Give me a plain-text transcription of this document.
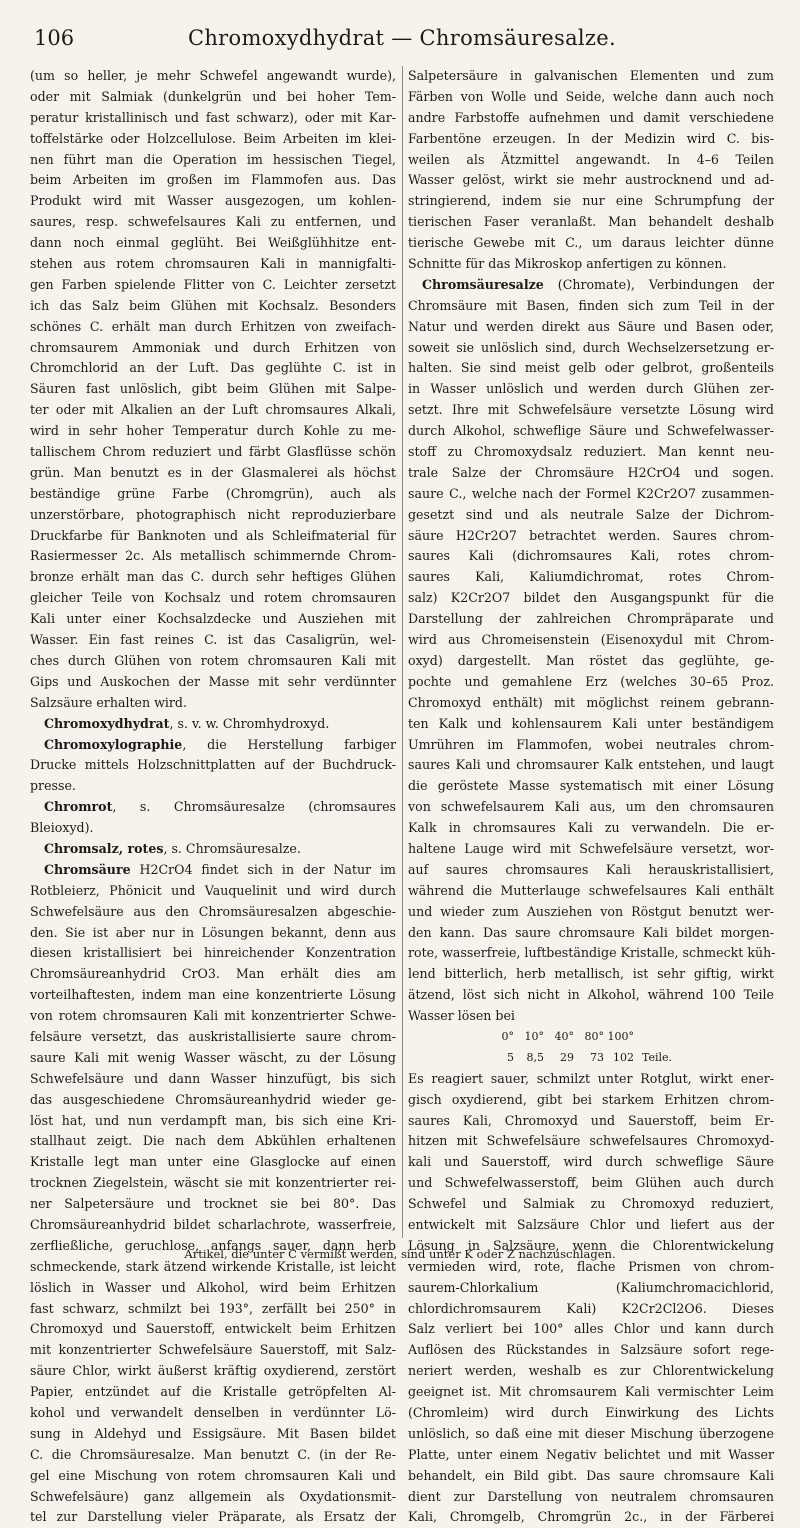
106	Chromoxydhydrat — Chromsäuresalze.
(um so heller, je mehr Schwefel angewandt wurde),
oder mit Salmiak (dunkelgrün und bei hoher Tem-
peratur kristallinisch und fast schwarz), oder mit Kar-
toffelstärke oder Holzcellulose. Beim Arbeiten im klei-
nen führt man die Operation im hessischen Tiegel,
beim Arbeiten im großen im Flammofen aus. Das
Produkt wird mit Wasser ausgezogen, um kohlen-
saures, resp. schwefelsaures Kali zu entfernen, und
dann noch einmal geglüht. Bei Weißglühhitze ent-
stehen aus rotem chromsauren Kali in mannigfalti-
gen Farben spielende Flitter von C. Leichter zersetzt
ich das Salz beim Glühen mit Kochsalz. Besonders
schönes C. erhält man durch Erhitzen von zweifach-
chromsaurem Ammoniak und durch Erhitzen von
Chromchlorid an der Luft. Das geglühte C. ist in
Säuren fast unlöslich, gibt beim Glühen mit Salpe-
ter oder mit Alkalien an der Luft chromsaures Alkali,
wird in sehr hoher Temperatur durch Kohle zu me-
tallischem Chrom reduziert und färbt Glasflüsse schön
grün. Man benutzt es in der Glasmalerei als höchst
beständige grüne Farbe (Chromgrün), auch als
unzerstörbare, photographisch nicht reproduzierbare
Druckfarbe für Banknoten und als Schleifmaterial für
Rasiermesser 2c. Als metallisch schimmernde Chrom-
bronze erhält man das C. durch sehr heftiges Glühen
gleicher Teile von Kochsalz und rotem chromsauren
Kali unter einer Kochsalzdecke und Ausziehen mit
Wasser. Ein fast reines C. ist das Casaligrün, wel-
ches durch Glühen von rotem chromsauren Kali mit
Gips und Auskochen der Masse mit sehr verdünnter
Salzsäure erhalten wird.
Chromoxydhydrat, s. v. w. Chromhydroxyd.
Chromoxylographie, die Herstellung farbiger
Drucke mittels Holzschnittplatten auf der Buchdruck-
presse.
Chromrot, s. Chromsäuresalze (chromsaures
Bleioxyd).
Chromsalz, rotes, s. Chromsäuresalze.
Chromsäure H2CrO4 findet sich in der Natur im
Rotbleierz, Phönicit und Vauquelinit und wird durch
Schwefelsäure aus den Chromsäuresalzen abgeschie-
den. Sie ist aber nur in Lösungen bekannt, denn aus
diesen kristallisiert bei hinreichender Konzentration
Chromsäureanhydrid CrO3. Man erhält dies am
vorteilhaftesten, indem man eine konzentrierte Lösung
von rotem chromsauren Kali mit konzentrierter Schwe-
felsäure versetzt, das auskristallisierte saure chrom-
saure Kali mit wenig Wasser wäscht, zu der Lösung
Schwefelsäure und dann Wasser hinzufügt, bis sich
das ausgeschiedene Chromsäureanhydrid wieder ge-
löst hat, und nun verdampft man, bis sich eine Kri-
stallhaut zeigt. Die nach dem Abkühlen erhaltenen
Kristalle legt man unter eine Glasglocke auf einen
trocknen Ziegelstein, wäscht sie mit konzentrierter rei-
ner Salpetersäure und trocknet sie bei 80°. Das
Chromsäureanhydrid bildet scharlachrote, wasserfreie,
zerfließliche, geruchlose, anfangs sauer, dann herb
schmeckende, stark ätzend wirkende Kristalle, ist leicht
löslich in Wasser und Alkohol, wird beim Erhitzen
fast schwarz, schmilzt bei 193°, zerfällt bei 250° in
Chromoxyd und Sauerstoff, entwickelt beim Erhitzen
mit konzentrierter Schwefelsäure Sauerstoff, mit Salz-
säure Chlor, wirkt äußerst kräftig oxydierend, zerstört
Papier, entzündet auf die Kristalle getröpfelten Al-
kohol und verwandelt denselben in verdünnter Lö-
sung in Aldehyd und Essigsäure. Mit Basen bildet
C. die Chromsäuresalze. Man benutzt C. (in der Re-
gel eine Mischung von rotem chromsauren Kali und
Schwefelsäure) ganz allgemein als Oxydationsmit-
tel zur Darstellung vieler Präparate, als Ersatz der
Salpetersäure in galvanischen Elementen und zum
Färben von Wolle und Seide, welche dann auch noch
andre Farbstoffe aufnehmen und damit verschiedene
Farbentöne erzeugen. In der Medizin wird C. bis-
weilen als Ätzmittel angewandt. In 4–6 Teilen
Wasser gelöst, wirkt sie mehr austrocknend und ad-
stringierend, indem sie nur eine Schrumpfung der
tierischen Faser veranlaßt. Man behandelt deshalb
tierische Gewebe mit C., um daraus leichter dünne
Schnitte für das Mikroskop anfertigen zu können.
Chromsäuresalze (Chromate), Verbindungen der
Chromsäure mit Basen, finden sich zum Teil in der
Natur und werden direkt aus Säure und Basen oder,
soweit sie unlöslich sind, durch Wechselzersetzung er-
halten. Sie sind meist gelb oder gelbrot, großenteils
in Wasser unlöslich und werden durch Glühen zer-
setzt. Ihre mit Schwefelsäure versetzte Lösung wird
durch Alkohol, schweflige Säure und Schwefelwasser-
stoff zu Chromoxydsalz reduziert. Man kennt neu-
trale Salze der Chromsäure H2CrO4 und sogen.
saure C., welche nach der Formel K2Cr2O7 zusammen-
gesetzt sind und als neutrale Salze der Dichrom-
säure H2Cr2O7 betrachtet werden. Saures chrom-
saures Kali (dichromsaures Kali, rotes chrom-
saures Kali, Kaliumdichromat, rotes Chrom-
salz) K2Cr2O7 bildet den Ausgangspunkt für die
Darstellung der zahlreichen Chrompräparate und
wird aus Chromeisenstein (Eisenoxydul mit Chrom-
oxyd) dargestellt. Man röstet das geglühte, ge-
pochte und gemahlene Erz (welches 30–65 Proz.
Chromoxyd enthält) mit möglichst reinem gebrann-
ten Kalk und kohlensaurem Kali unter beständigem
Umrühren im Flammofen, wobei neutrales chrom-
saures Kali und chromsaurer Kalk entstehen, und laugt
die geröstete Masse systematisch mit einer Lösung
von schwefelsaurem Kali aus, um den chromsauren
Kalk in chromsaures Kali zu verwandeln. Die er-
haltene Lauge wird mit Schwefelsäure versetzt, wor-
auf saures chromsaures Kali herauskristallisiert,
während die Mutterlauge schwefelsaures Kali enthält
und wieder zum Ausziehen von Röstgut benutzt wer-
den kann. Das saure chromsaure Kali bildet morgen-
rote, wasserfreie, luftbeständige Kristalle, schmeckt küh-
lend bitterlich, herb metallisch, ist sehr giftig, wirkt
ätzend, löst sich nicht in Alkohol, während 100 Teile
Wasser lösen bei
0° 10° 40° 80° 100°
5 8,5 29 73 102 Teile.
Es reagiert sauer, schmilzt unter Rotglut, wirkt ener-
gisch oxydierend, gibt bei starkem Erhitzen chrom-
saures Kali, Chromoxyd und Sauerstoff, beim Er-
hitzen mit Schwefelsäure schwefelsaures Chromoxyd-
kali und Sauerstoff, wird durch schweflige Säure
und Schwefelwasserstoff, beim Glühen auch durch
Schwefel und Salmiak zu Chromoxyd reduziert,
entwickelt mit Salzsäure Chlor und liefert aus der
Lösung in Salzsäure, wenn die Chlorentwickelung
vermieden wird, rote, flache Prismen von chrom-
saurem-Chlorkalium (Kaliumchromacichlorid,
chlordichromsaurem Kali) K2Cr2Cl2O6. Dieses
Salz verliert bei 100° alles Chlor und kann durch
Auflösen des Rückstandes in Salzsäure sofort rege-
neriert werden, weshalb es zur Chlorentwickelung
geeignet ist. Mit chromsaurem Kali vermischter Leim
(Chromleim) wird durch Einwirkung des Lichts
unlöslich, so daß eine mit dieser Mischung überzogene
Platte, unter einem Negativ belichtet und mit Wasser
behandelt, ein Bild gibt. Das saure chromsaure Kali
dient zur Darstellung von neutralem chromsauren
Kali, Chromgelb, Chromgrün 2c., in der Färberei
Artikel, die unter C vermißt werden, sind unter K oder Z nachzuschlagen.
